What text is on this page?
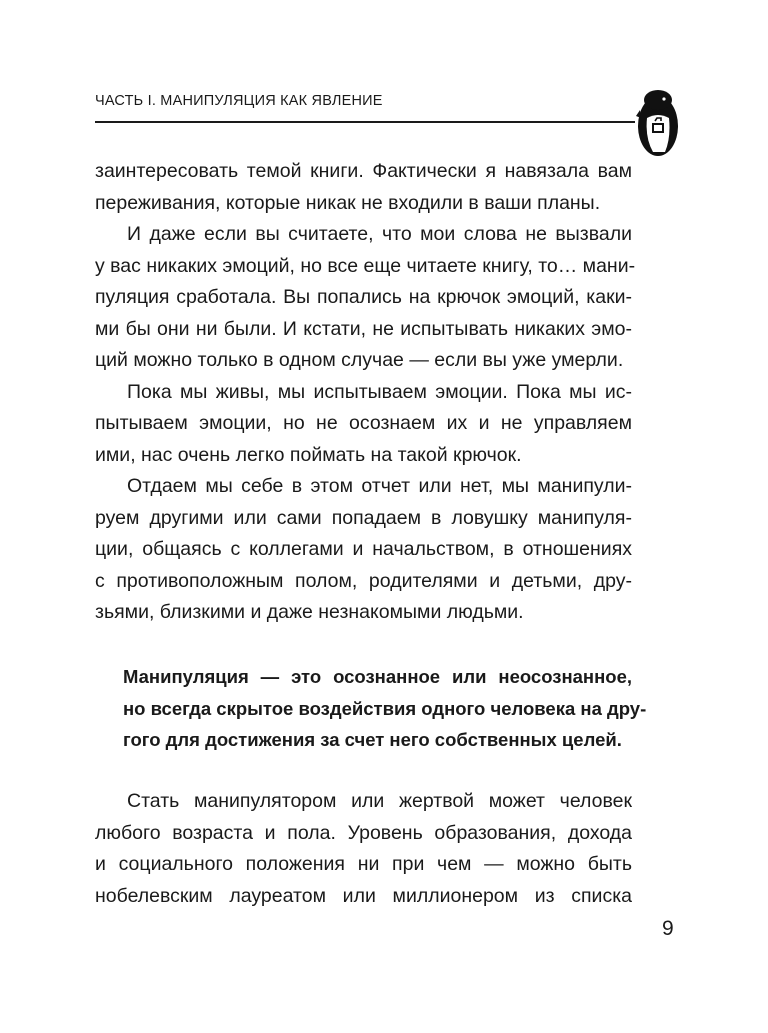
ЧАСТЬ I. МАНИПУЛЯЦИЯ КАК ЯВЛЕНИЕ
заинтересовать темой книги. Фактически я навязала вам
переживания, которые никак не входили в ваши планы.
И даже если вы считаете, что мои слова не вызвали
у вас никаких эмоций, но все еще читаете книгу, то… мани-
пуляция сработала. Вы попались на крючок эмоций, каки-
ми бы они ни были. И кстати, не испытывать никаких эмо-
ций можно только в одном случае — если вы уже умерли.
Пока мы живы, мы испытываем эмоции. Пока мы ис-
пытываем эмоции, но не осознаем их и не управляем
ими, нас очень легко поймать на такой крючок.
Отдаем мы себе в этом отчет или нет, мы манипули-
руем другими или сами попадаем в ловушку манипуля-
ции, общаясь с коллегами и начальством, в отношениях
с противоположным полом, родителями и детьми, дру-
зьями, близкими и даже незнакомыми людьми.
Манипуляция — это осознанное или неосознанное,
но всегда скрытое воздействия одного человека на дру-
гого для достижения за счет него собственных целей.
Стать манипулятором или жертвой может человек
любого возраста и пола. Уровень образования, дохода
и социального положения ни при чем — можно быть
нобелевским лауреатом или миллионером из списка
9
